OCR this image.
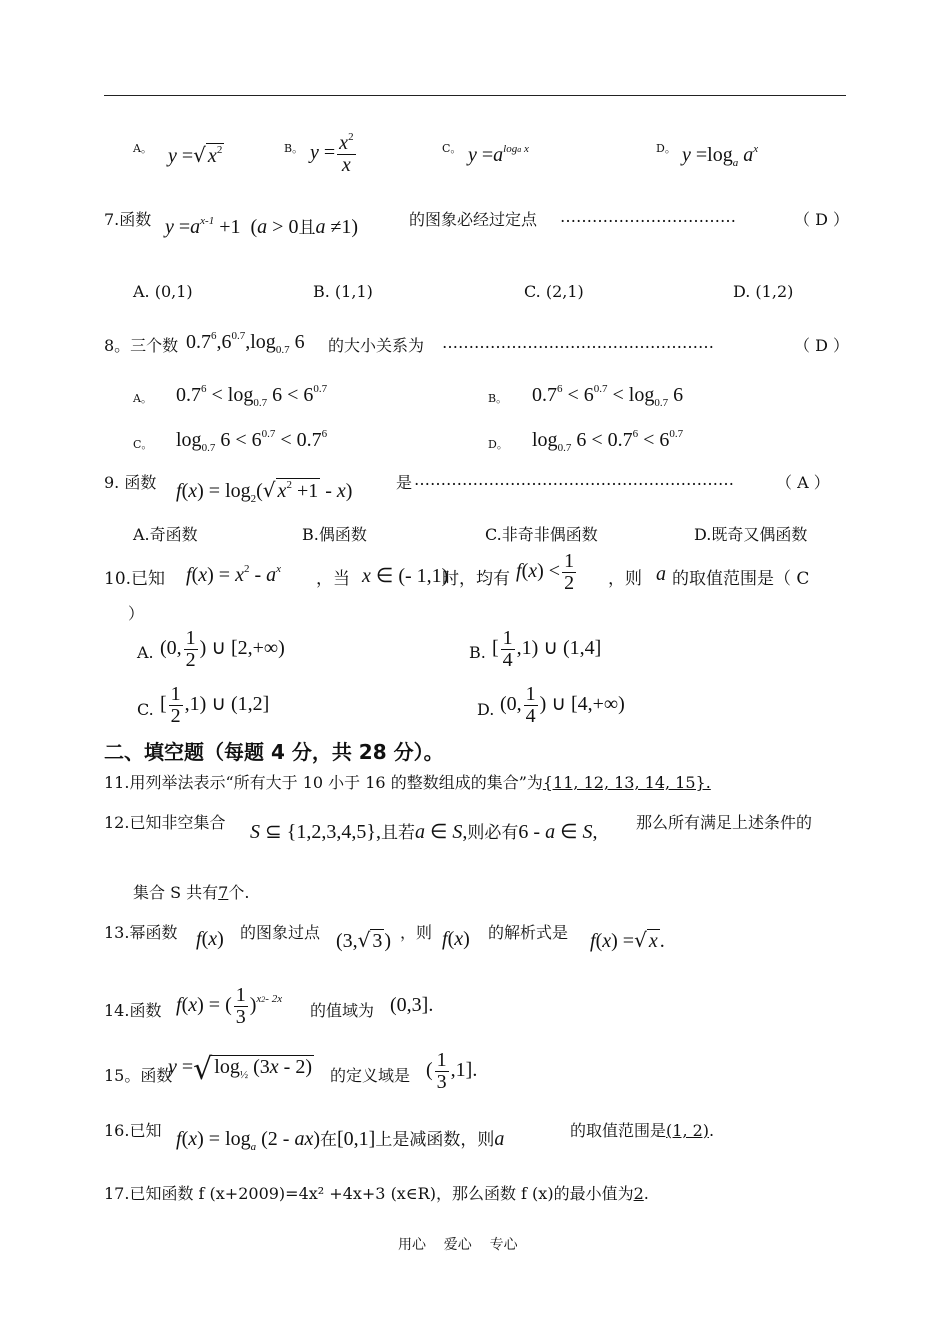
A。 y =√ $x^2$	B。 $y = \frac{x^2}{x}$	C。 $y =a^{loga x}$	D。 $y =\log_a$ $a^x$
7.函数 $y =a^{x-1} +1$ (a > 0且a ≠1)	的图象必经过定点 ……………………………	（ D ）
A. (0,1)	B. (1,1)	C. (2,1)	D. (1,2)
8。三个数 $0.7^6,6^{0.7},\log_{0.7}$ 6 的大小关系为 ……………………………………………	（ D ）
A。 $0.7^6 < \log_{0.7} 6 < 6^{0.7}$
B。 $0.7^6 < 6^{0.7} < \log_{0.7} 6$
C。 $\log_{0.7} 6 < 6^{0.7} < 0.7^6$
D。 $\log_{0.7} 6 < 0.7^6 < 6^{0.7}$
9. 函数 $f(x) = \log_2(√$ $x^2 +1 - x$)	是 ……………………………………………………	（ A ）
A.奇函数	B.偶函数	C.非奇非偶函数	D.既奇又偶函数
10.已知 $f(x) = x^2 - a^x$ ，当 x ∈ (- 1,1)
时，均有 $f(x) < \frac{1}{2}$ ，则 a 的取值范围是（ C
）
A. (0, $\frac{1}{2}$ ) ∪ [2,+∞)	B. [ $\frac{1}{4} ,1$) ∪ (1,4]
C. [ $\frac{1}{2} ,1$) ∪ (1,2]	D. (0, $\frac{1}{4}$ ) ∪ [4,+∞)
二、填空题（每题 4 分，共 28 分）。
11.用列举法表示“所有大于 10 小于 16 的整数组成的集合”为{11, 12, 13, 14, 15}.
12.已知非空集合 S ⊆ {1,2,3,4,5},且若a ∈ S,则必有6 - a ∈ S, 那么所有满足上述条件的
集合 S 共有7个.
13.幂函数 f(x) 的图象过点 (3,√ 3 ) ，则 f(x) 的解析式是 f(x) =√ x .
14.函数 f(x) = ( $\frac{1}{3} )^{x2- 2x}$
的值域为 (0,3].
15。函数
y =√ $\log_{\frac{1}{2}} (3x - 2)$ 的定义域是 ( $\frac{1}{3} ,1$].
16.已知 $f(x) = \log_a (2 - ax)$在[0,1]上是减函数，则a	的取值范围是(1, 2).
17.已知函数 f (x+2009)=4x² +4x+3 (x∈R)，那么函数 f (x)的最小值为2.
用心    爱心    专心
